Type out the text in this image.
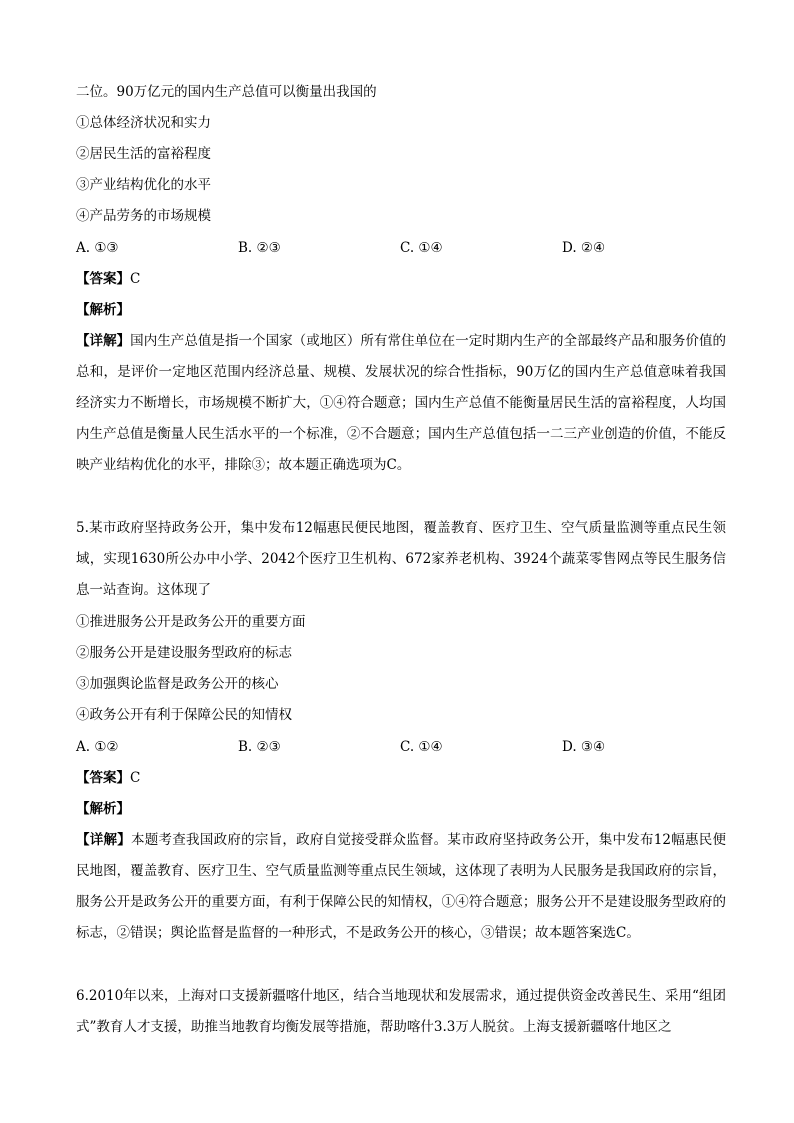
二位。90万亿元的国内生产总值可以衡量出我国的
①总体经济状况和实力
②居民生活的富裕程度
③产业结构优化的水平
④产品劳务的市场规模
A. ①③	B. ②③	C. ①④	D. ②④
【答案】C
【解析】
【详解】国内生产总值是指一个国家（或地区）所有常住单位在一定时期内生产的全部最终产品和服务价值的总和，是评价一定地区范围内经济总量、规模、发展状况的综合性指标，90万亿的国内生产总值意味着我国经济实力不断增长，市场规模不断扩大，①④符合题意；国内生产总值不能衡量居民生活的富裕程度，人均国内生产总值是衡量人民生活水平的一个标准，②不合题意；国内生产总值包括一二三产业创造的价值，不能反映产业结构优化的水平，排除③；故本题正确选项为C。
5.某市政府坚持政务公开，集中发布12幅惠民便民地图，覆盖教育、医疗卫生、空气质量监测等重点民生领域，实现1630所公办中小学、2042个医疗卫生机构、672家养老机构、3924个蔬菜零售网点等民生服务信息一站查询。这体现了
①推进服务公开是政务公开的重要方面
②服务公开是建设服务型政府的标志
③加强舆论监督是政务公开的核心
④政务公开有利于保障公民的知情权
A. ①②	B. ②③	C. ①④	D. ③④
【答案】C
【解析】
【详解】本题考查我国政府的宗旨，政府自觉接受群众监督。某市政府坚持政务公开，集中发布12幅惠民便民地图，覆盖教育、医疗卫生、空气质量监测等重点民生领域，这体现了表明为人民服务是我国政府的宗旨，服务公开是政务公开的重要方面，有利于保障公民的知情权，①④符合题意；服务公开不是建设服务型政府的标志，②错误；舆论监督是监督的一种形式，不是政务公开的核心，③错误；故本题答案选C。
6.2010年以来，上海对口支援新疆喀什地区，结合当地现状和发展需求，通过提供资金改善民生、采用“组团式”教育人才支援，助推当地教育均衡发展等措施，帮助喀什3.3万人脱贫。上海支援新疆喀什地区之
